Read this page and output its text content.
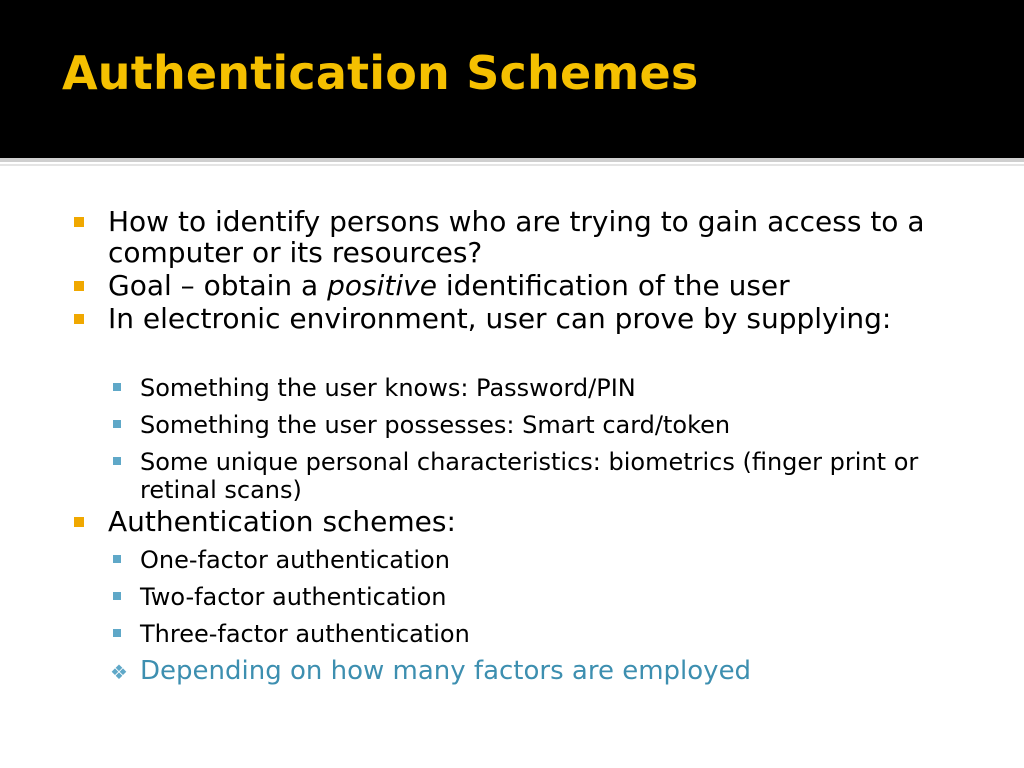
Authentication Schemes
How to identify persons who are trying to gain access to a computer or its resources?
Goal – obtain a positive identification of the user
In electronic environment, user can prove by supplying:
Something the user knows: Password/PIN
Something the user possesses: Smart card/token
Some unique personal characteristics: biometrics (finger print or retinal scans)
Authentication schemes:
One-factor authentication
Two-factor authentication
Three-factor authentication
❖ Depending on how many factors are employed
